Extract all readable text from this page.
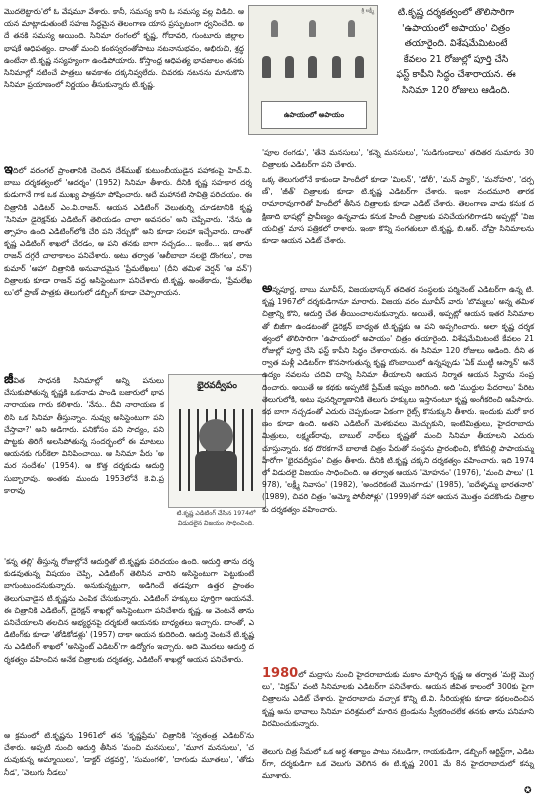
మొదలెట్టారు'లో ఓ వేషమూ వేశారు. కానీ, సమస్య కాని ఓ సమస్య వల్ల విడిచి. ఆయన మాట్లాడుతుంటే సహజ సిద్ధమైన తెలంగాణ యాస ప్రస్ఫుటంగా ధ్వనించేది. అదే తనకి సమస్య అయింది. సినిమా రంగంలో కృష్ణ, గోదావరి, గుంటూరు జిల్లాల భాషకే ఆధిపత్యం. దాంతో మంచి కంఠస్వరంతోపాటు నటనానుభవం, అభిరుచి, శ్రద్ధ ఉంటేనా టి.కృష్ణ నస్యహ్యంగా ఉండిపోయారు. కోస్తాంధ్ర ఆధిపత్య భావజాలం తనకు సినిమాల్లో నటించే పాత్రలు అవకాశం దక్కనివ్వలేదు. చివరకు నటనను మానుకొని సినిమా ప్రయాణంలో నిర్ణయం తీసుకున్నారు టి.కృష్ణ.

శ్రీ లక్ష్మీ
ఉపాయంలో అపాయం
టి.కృష్ణ దర్శకత్వంలో తొలిసారిగా
'ఉపాయంలో అపాయం' చిత్రం
తయారైంది. విశేషమేమిటంటే
కేవలం 21 రోజుల్లో పూర్తి చేసి
ఫస్ట్ కాపీని సిద్ధం చేశారాయన. ఈ
సినిమా 120 రోజులు ఆడింది.

ఇదిలో వరంగల్ ప్రాంతానికి చెందిన దేశ్‌ముఖ్ కుటుంబీయుడైన పహాకంపై హెచ్.వి.బాబు దర్శకత్వంలో 'ఆదర్శం' (1952) సినిమా తీశారు. దీనికి కృష్ణ సహకార దర్శకుడుగానే గాక ఒక ముఖ్య పాత్రనూ పోషించారు. అదే మహానటి సావిత్రి పరిచయం. ఈ చిత్రానికి ఎడిటర్ ఎం.వి.రాజన్. ఆయన ఎడిటింగ్ వెలుతుర్ని చూడటానికి కృష్ణ 'సినిమా డైరెక్షన్‌కు ఎడిటింగ్ తెలియడం చాలా అవసరం' అని చెప్పేవారు. 'నేను ఉత్సాహం ఉంది ఎడిటింగ్‌లోకి చేరి పని నేర్చుకో' అని కూడా సలహా ఇచ్చేవారు. దాంతో కృష్ణ ఎడిటింగ్ శాఖలో చేరడం, ఆ పని తనకు బాగా నచ్చడం... ఇంకేం... ఇక తాను రాజన్ దగ్గరే చాలాకాలం పనిచేశారు. అటు తర్వాత 'ఆలీబాబా నలభై దొంగలు', రాజకుమార్ 'ఆహా' చిత్రానికి అనువాదమైన 'ప్రేమలేఖలు' (దీని తమిళ వెర్షన్ 'ఆ వన్') చిత్రాలకు కూడా రాజన్ వద్ద అసిస్టెంటుగా పనిచేశారు టి.కృష్ణ. అంతేకాదు, 'ప్రేమలేఖలు'లో ప్రాణ్ పాత్రకు తెలుగులో డబ్బింగ్ కూడా చెప్పారాయన.

జీవిత సాధనకి సినిమాల్లో అన్ని పనులు చేసుకుపోతున్న కృష్ణకి ఒకనాడు పాండి బజారులో భావనారాయణ గారు కలిశారు. 'నేను.. దీవి నారాయణ కలిసి ఒక సినిమా తీస్తున్నాం. నువ్వు అసిస్టెంటుగా పని చేస్తావా?' అని అడిగారు. పనికోసం పని సాద్యం, పని పొట్టకు తిరిగే అలసిపోతున్న సందర్భంలో ఈ మాటలు ఆయనకు గుర్‌కెలా వినిపించాయి. ఆ సినిమా పేరు 'అమర సందేశం' (1954). ఆ కొత్త దర్శకుడు ఆదుర్తి సుబ్బారావు. అంతకు ముందు 1953లోనే కె.వి.ప్రకారావు

భైరవద్వీపం

టి.కృష్ణ ఎడిటింగ్ చేసిన 1974లో విడుదలైన విజయం సాధించింది.

'కన్న తల్లి' తీస్తున్న రోజుల్లోనే ఆదుర్తితో టి.కృష్ణకు పరిచయం ఉంది. ఆదుర్తి తాను దర్శకుడవుతున్న విషయం చెప్పి, ఎడిటింగ్ తెలిసిన వారిని అసిస్టెంటుగా పెట్టుకుంటే బాగుంటుందనుకున్నారు. అనుకున్నట్టుగా, అడిగిందే తడవుగా ఉత్తర ప్రాంతం తెలుగువాడైన టి.కృష్ణను ఎంపిక చేసుకున్నారు. ఎడిటింగ్ హక్కులు పూర్తిగా ఆయనవే. ఈ చిత్రానికి ఎడిటింగ్, డైరెక్షన్ శాఖల్లో అసిస్టెంటుగా పనిచేశారు కృష్ణ. ఆ వెంటనే తాను పనిచేయాలని తలచిన అభ్యర్థనపై దర్శకులే ఆయనకు బాధ్యతలు ఇచ్చారు. దాంతో, ఎడిటింగ్‌కు కూడా 'తోడికోడళ్లు' (1957) దాకా ఆయన కుదిరింది. ఆదుర్తి వెంటనే టి.కృష్ణను ఎడిటింగ్ శాఖలో 'అసిస్టెంట్ ఎడిటర్'గా ఉద్యోగం ఇచ్చారు. అది మొదలు ఆదుర్తి దర్శకత్వం వహించిన అనేక చిత్రాలకు దర్శకత్వ, ఎడిటింగ్ శాఖల్లో ఆయన పనిచేశారు.

ఆ క్రమంలో టి.కృష్ణను 1961లో తన 'కృష్ణప్రేమ' చిత్రానికి 'స్వతంత్ర ఎడిటర్'ను చేశారు. అప్పటి నుంచి ఆదుర్తి తీసిన 'మంచి మనసులు', 'మూగ మనసులు', 'చదువుకున్న అమ్మాయిలు', 'డాక్టర్ చక్రవర్తి', 'సుమంగళి', 'దాగుడు మూతలు', 'తోడు నీడ', 'వెలుగు నీడలు'

'పూల రంగడు', 'తేనె మనసులు', 'కన్నె మనసులు', 'సుడిగుండాలు' తదితర సుమారు 30 చిత్రాలకు ఎడిటర్‌గా పని చేశారు.

ఒక్క తెలుగులోనే కాకుండా హిందీలో కూడా 'మిలన్', 'డోలీ', 'మన్ ప్యార్', 'మనోహరి', 'దర్పణ్', 'జీత్' చిత్రాలకు కూడా టి.కృష్ణ ఎడిటర్‌గా చేశారు. ఇంకా నందమూరి తారక రామారావుగారితో హిందీలో తీసిన చిత్రాలకు కూడా ఎడిట్ చేశారు. తెలంగాణ వాడు కనుక దక్షిణాది భాషల్లో ప్రావీణ్యం ఉన్నవాడు కనుక హిందీ చిత్రాలకు పనిచేయగలిగాడని అప్పట్లో 'విజయచిత్ర' మాస పత్రికలో రాశారు. ఇంకా కొన్ని సంగతులూ టి.కృష్ణ, బి.ఆర్. చోప్రా సినిమాలను కూడా ఆయన ఎడిట్ చేశారు.

అన్నపూర్ణ, బాబు మూవీస్, విజయభాస్కర్ తదితర సంస్థలకు పర్మినెంట్ ఎడిటర్‌గా ఉన్న టి.కృష్ణ 1967లో దర్శకుడిగానూ మారారు. విజయ వరం మూవీస్ వారు 'బొమ్మలు' అన్న తమిళ చిత్రాన్ని కొని, ఆదుర్తి చేత తీయించాలనుకున్నారు. అయితే, అప్పట్లో ఆయన ఇతర సినిమాలతో బిజీగా ఉండటంతో డైరెక్షన్ బాధ్యత టి.కృష్ణకు ఆ పని అప్పగించారు. అలా కృష్ణ దర్శకత్వంలో తొలిసారిగా 'ఉపాయంలో అపాయం' చిత్రం తయారైంది. విశేషమేమిటంటే కేవలం 21 రోజుల్లో పూర్తి చేసి ఫస్ట్ కాపీని సిద్ధం చేశారాయన. ఈ సినిమా 120 రోజులు ఆడింది. దీని తర్వాత మళ్లీ ఎడిటర్‌గా కొనసాగుతున్న కృష్ణ బొంబాయిలో ఉన్నప్పుడు 'ఏక్ ముట్ఠీ ఆస్మాన్' అనే ఉద్యం నవలను చదివి దాన్ని సినిమా తీయాలని ఆయన నిర్మాత ఆయన సిన్హాను సంప్రదించారు. అయితే ఆ కథకు అప్పటికే ప్రేమ్‌జీ ఇష్యం జరిగింది. అది 'ముద్దుల పేదరాలు' పేరిట తెలుగులోకి, అటు పునర్నిర్మాణానికి తెలుగు హక్కులు ఇస్తానంటూ కృష్ణ అంగీకరించి ఆపేసారు. కథ బాగా నచ్చడంతో ఎదురు చెప్పకుండా ఏకంగా రైట్స్ కొనుక్కుని తీశారు. ఇందుకు మరో కారణం కూడా ఉంది. అతని ఎడిటింగ్ మెళకువలు మెచ్చుకుని, ఇంటిమిత్రులు, హైదరాబాదు మిత్రులు, లక్ష్మణ్‌రావు, బాబుల్ నాథ్‌లు కృష్ణతో మంచి సినిమా తీయాలని ఎదురు చూస్తున్నారు. కథ దొరకగానే బాలాజీ చిత్రం పేరుతో సంస్థను ప్రారంభించి, కోటిపల్లి పాపాయమ్మ హీరోగా 'భైరవద్వీపం' చిత్రం తీశారు. దీనికి టి.కృష్ణ చక్కని దర్శకత్వం వహించారు. ఇది 1974లో విడుదలై విజయం సాధించింది. ఆ తర్వాత ఆయన 'మోహనం' (1976), 'మంచి పాలు' (1978), 'లక్ష్మీ నివాసం' (1982), 'అందరికంటే మొనగాడు' (1985), 'ఐదేళ్ళమ్మ భారతనారి' (1989), చివరి చిత్రం 'అమ్మో పోలీసోళ్లు' (1999)తో సహా ఆయన మొత్తం పదకొండు చిత్రాలకు దర్శకత్వం వహించారు.

1980లో మద్రాసు నుంచి హైదరాబాదుకు మకాం మార్చిన కృష్ణ ఆ తర్వాత 'మల్లె మొగ్గలు', 'విక్రమ్' వంటి సినిమాలకు ఎడిటర్‌గా పనిచేశారు. ఆయన జీవిత కాలంలో 300కు పైగా చిత్రాలను ఎడిట్ చేశారు. హైదరాబాదు వచ్చాక కొన్ని టి.వి. సీరియళ్లకు కూడా కథలందించిన కృష్ణ అను భావాలు సినిమా పరిశ్రమలో మారిన ట్రెండును స్వీకరించలేక తనకు తాను పనిమాని విరమించుకున్నారు.

తెలుగు చిత్ర సీమలో ఒక అర్ధ శతాబ్దం పాటు నటుడిగా, గాయకుడిగా, డబ్బింగ్ ఆర్టిస్ట్‌గా, ఎడిటర్‌గా, దర్శకుడిగా ఒక వెలుగు వెలిగిన ఈ టి.కృష్ణ 2001 మే 8న హైదరాబాదులో కన్ను మూశారు.

✪
